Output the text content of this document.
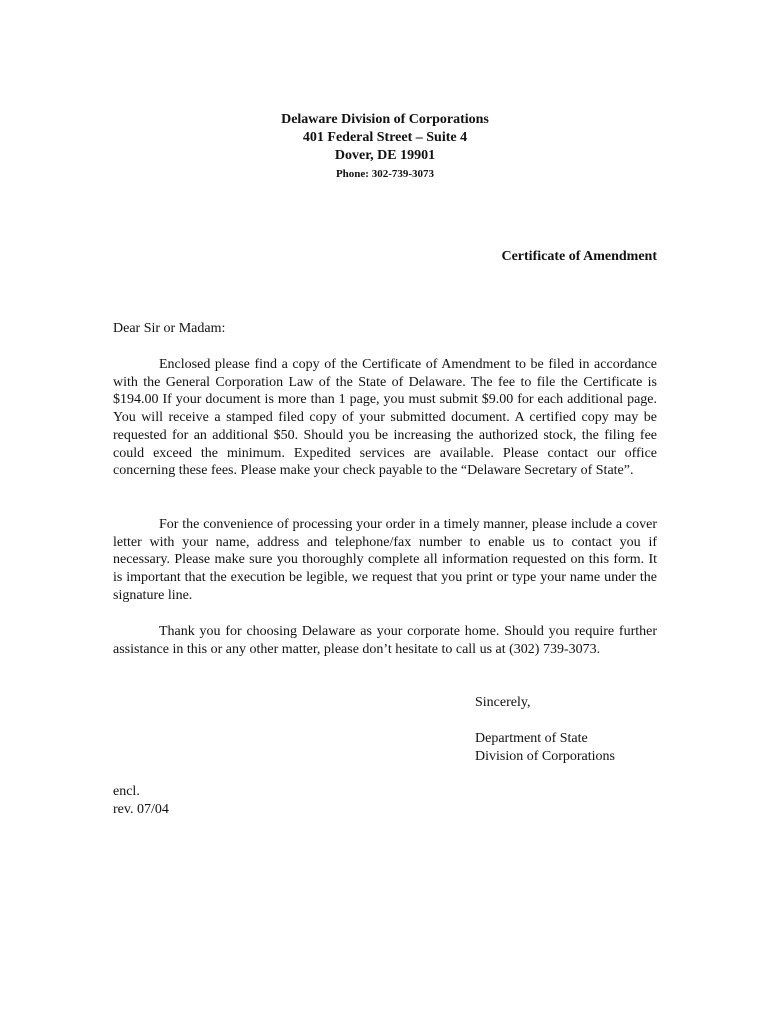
Delaware Division of Corporations
401 Federal Street – Suite 4
Dover, DE 19901
Phone: 302-739-3073
Certificate of Amendment
Dear Sir or Madam:

Enclosed please find a copy of the Certificate of Amendment to be filed in accordance with the General Corporation Law of the State of Delaware. The fee to file the Certificate is $194.00 If your document is more than 1 page, you must submit $9.00 for each additional page. You will receive a stamped filed copy of your submitted document. A certified copy may be requested for an additional $50. Should you be increasing the authorized stock, the filing fee could exceed the minimum. Expedited services are available. Please contact our office concerning these fees. Please make your check payable to the “Delaware Secretary of State”.

For the convenience of processing your order in a timely manner, please include a cover letter with your name, address and telephone/fax number to enable us to contact you if necessary. Please make sure you thoroughly complete all information requested on this form. It is important that the execution be legible, we request that you print or type your name under the signature line.

Thank you for choosing Delaware as your corporate home. Should you require further assistance in this or any other matter, please don’t hesitate to call us at (302) 739-3073.

Sincerely,
Department of State
Division of Corporations
encl.
rev. 07/04
